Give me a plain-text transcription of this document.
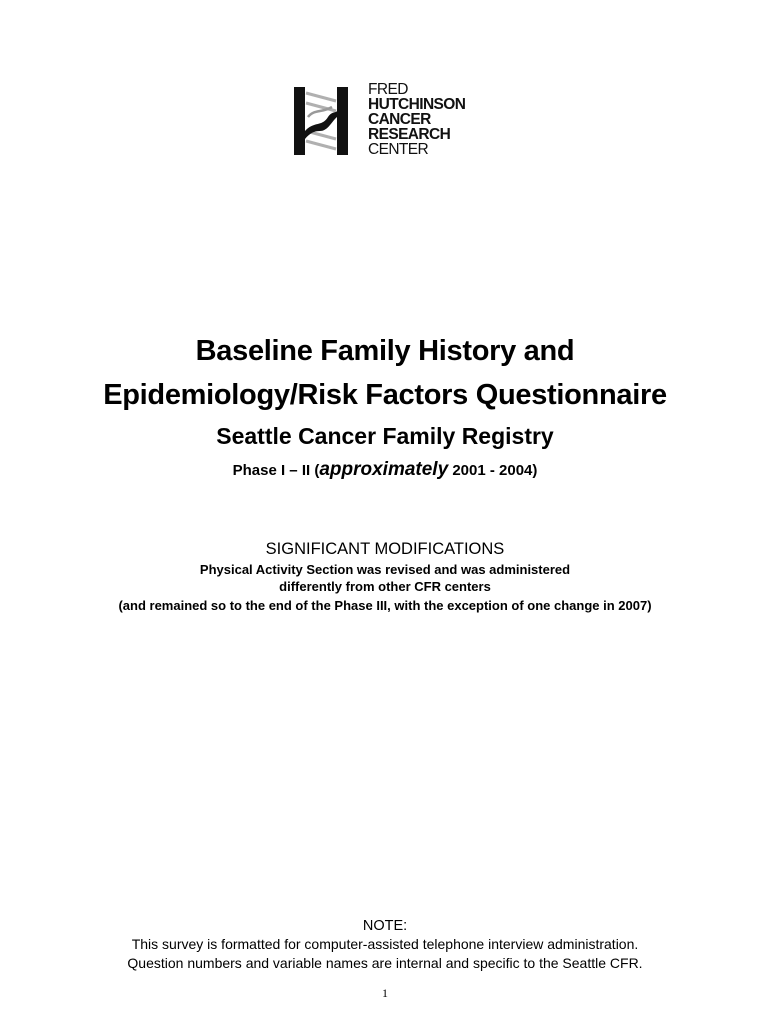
FRED
HUTCHINSON
CANCER
RESEARCH
CENTER
Baseline Family History and
Epidemiology/Risk Factors Questionnaire
Seattle Cancer Family Registry
Phase I – II (approximately 2001 - 2004)
SIGNIFICANT MODIFICATIONS
Physical Activity Section was revised and was administered
differently from other CFR centers
(and remained so to the end of the Phase III, with the exception of one change in 2007)
NOTE:
This survey is formatted for computer-assisted telephone interview administration.
Question numbers and variable names are internal and specific to the Seattle CFR.
1
